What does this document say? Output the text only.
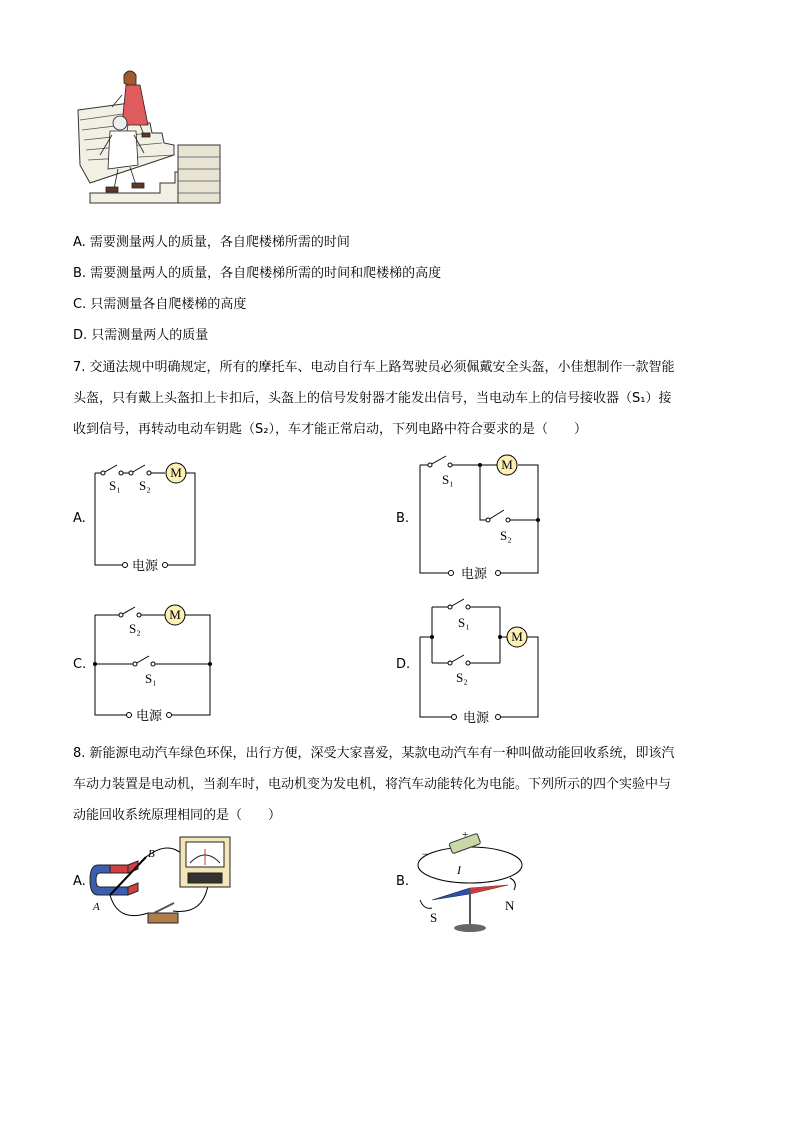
A. 需要测量两人的质量，各自爬楼梯所需的时间
B. 需要测量两人的质量，各自爬楼梯所需的时间和爬楼梯的高度
C. 只需测量各自爬楼梯的高度
D. 只需测量两人的质量
7. 交通法规中明确规定，所有的摩托车、电动自行车上路驾驶员必须佩戴安全头盔，小佳想制作一款智能
头盔，只有戴上头盔扣上卡扣后，头盔上的信号发射器才能发出信号，当电动车上的信号接收器（S₁）接
收到信号，再转动电动车钥匙（S₂），车才能正常启动，下列电路中符合要求的是（　　）
A.	B.
C.	D.
M
S₁ S₂
电源
M
S₁
S₂
电源
M
S₂
S₁
电源
M
S₁
S₂
电源
8. 新能源电动汽车绿色环保，出行方便，深受大家喜爱，某款电动汽车有一种叫做动能回收系统，即该汽
车动力装置是电动机，当刹车时，电动机变为发电机，将汽车动能转化为电能。下列所示的四个实验中与
动能回收系统原理相同的是（　　）
A.	B.
B
A
+
−
I
S
N
